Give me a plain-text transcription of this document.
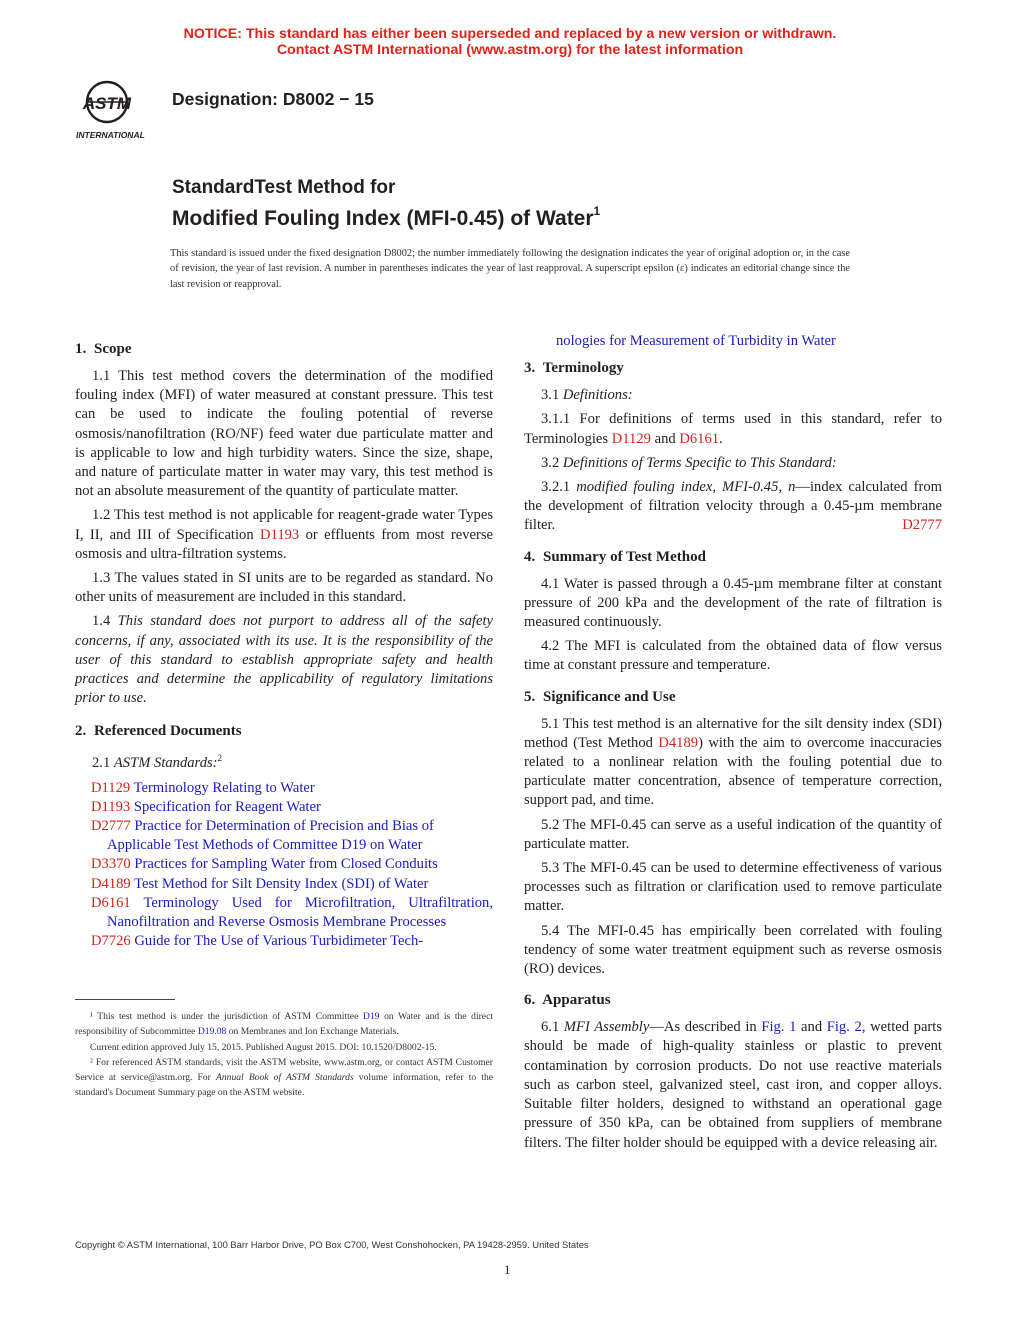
NOTICE: This standard has either been superseded and replaced by a new version or withdrawn.
Contact ASTM International (www.astm.org) for the latest information
ASTM
INTERNATIONAL
Designation: D8002 − 15
StandardTest Method for
Modified Fouling Index (MFI-0.45) of Water$^1$
This standard is issued under the fixed designation D8002; the number immediately following the designation indicates the year of original adoption or, in the case of revision, the year of last revision. A number in parentheses indicates the year of last reapproval. A superscript epsilon (ε) indicates an editorial change since the last revision or reapproval.
1. Scope

1.1 This test method covers the determination of the modified fouling index (MFI) of water measured at constant pressure. This test can be used to indicate the fouling potential of reverse osmosis/nanofiltration (RO/NF) feed water due particulate matter and is applicable to low and high turbidity waters. Since the size, shape, and nature of particulate matter in water may vary, this test method is not an absolute measurement of the quantity of particulate matter.

1.2 This test method is not applicable for reagent-grade water Types I, II, and III of Specification D1193 or effluents from most reverse osmosis and ultra-filtration systems.

1.3 The values stated in SI units are to be regarded as standard. No other units of measurement are included in this standard.

1.4 This standard does not purport to address all of the safety concerns, if any, associated with its use. It is the responsibility of the user of this standard to establish appropriate safety and health practices and determine the applicability of regulatory limitations prior to use.

2. Referenced Documents

2.1 ASTM Standards:$^2$

D1129 Terminology Relating to Water

D1193 Specification for Reagent Water

D2777 Practice for Determination of Precision and Bias of Applicable Test Methods of Committee D19 on Water

D3370 Practices for Sampling Water from Closed Conduits

D4189 Test Method for Silt Density Index (SDI) of Water

D6161 Terminology Used for Microfiltration, Ultrafiltration, Nanofiltration and Reverse Osmosis Membrane Processes

D7726 Guide for The Use of Various Turbidimeter Tech-

¹ This test method is under the jurisdiction of ASTM Committee D19 on Water and is the direct responsibility of Subcommittee D19.08 on Membranes and Ion Exchange Materials.

Current edition approved July 15, 2015. Published August 2015. DOI: 10.1520/D8002-15.

² For referenced ASTM standards, visit the ASTM website, www.astm.org, or contact ASTM Customer Service at service@astm.org. For Annual Book of ASTM Standards volume information, refer to the standard's Document Summary page on the ASTM website.

nologies for Measurement of Turbidity in Water

3. Terminology

3.1 Definitions:

3.1.1 For definitions of terms used in this standard, refer to Terminologies D1129 and D6161.

3.2 Definitions of Terms Specific to This Standard:

3.2.1 modified fouling index, MFI-0.45, n—index calculated from the development of filtration velocity through a 0.45-µm membrane filter.	D2777

4. Summary of Test Method

4.1 Water is passed through a 0.45-µm membrane filter at constant pressure of 200 kPa and the development of the rate of filtration is measured continuously.

4.2 The MFI is calculated from the obtained data of flow versus time at constant pressure and temperature.

5. Significance and Use

5.1 This test method is an alternative for the silt density index (SDI) method (Test Method D4189) with the aim to overcome inaccuracies related to a nonlinear relation with the fouling potential due to particulate matter concentration, absence of temperature correction, support pad, and time.

5.2 The MFI-0.45 can serve as a useful indication of the quantity of particulate matter.

5.3 The MFI-0.45 can be used to determine effectiveness of various processes such as filtration or clarification used to remove particulate matter.

5.4 The MFI-0.45 has empirically been correlated with fouling tendency of some water treatment equipment such as reverse osmosis (RO) devices.

6. Apparatus

6.1 MFI Assembly—As described in Fig. 1 and Fig. 2, wetted parts should be made of high-quality stainless or plastic to prevent contamination by corrosion products. Do not use reactive materials such as carbon steel, galvanized steel, cast iron, and copper alloys. Suitable filter holders, designed to withstand an operational gage pressure of 350 kPa, can be obtained from suppliers of membrane filters. The filter holder should be equipped with a device releasing air.

Copyright © ASTM International, 100 Barr Harbor Drive, PO Box C700, West Conshohocken, PA 19428-2959. United States
1
